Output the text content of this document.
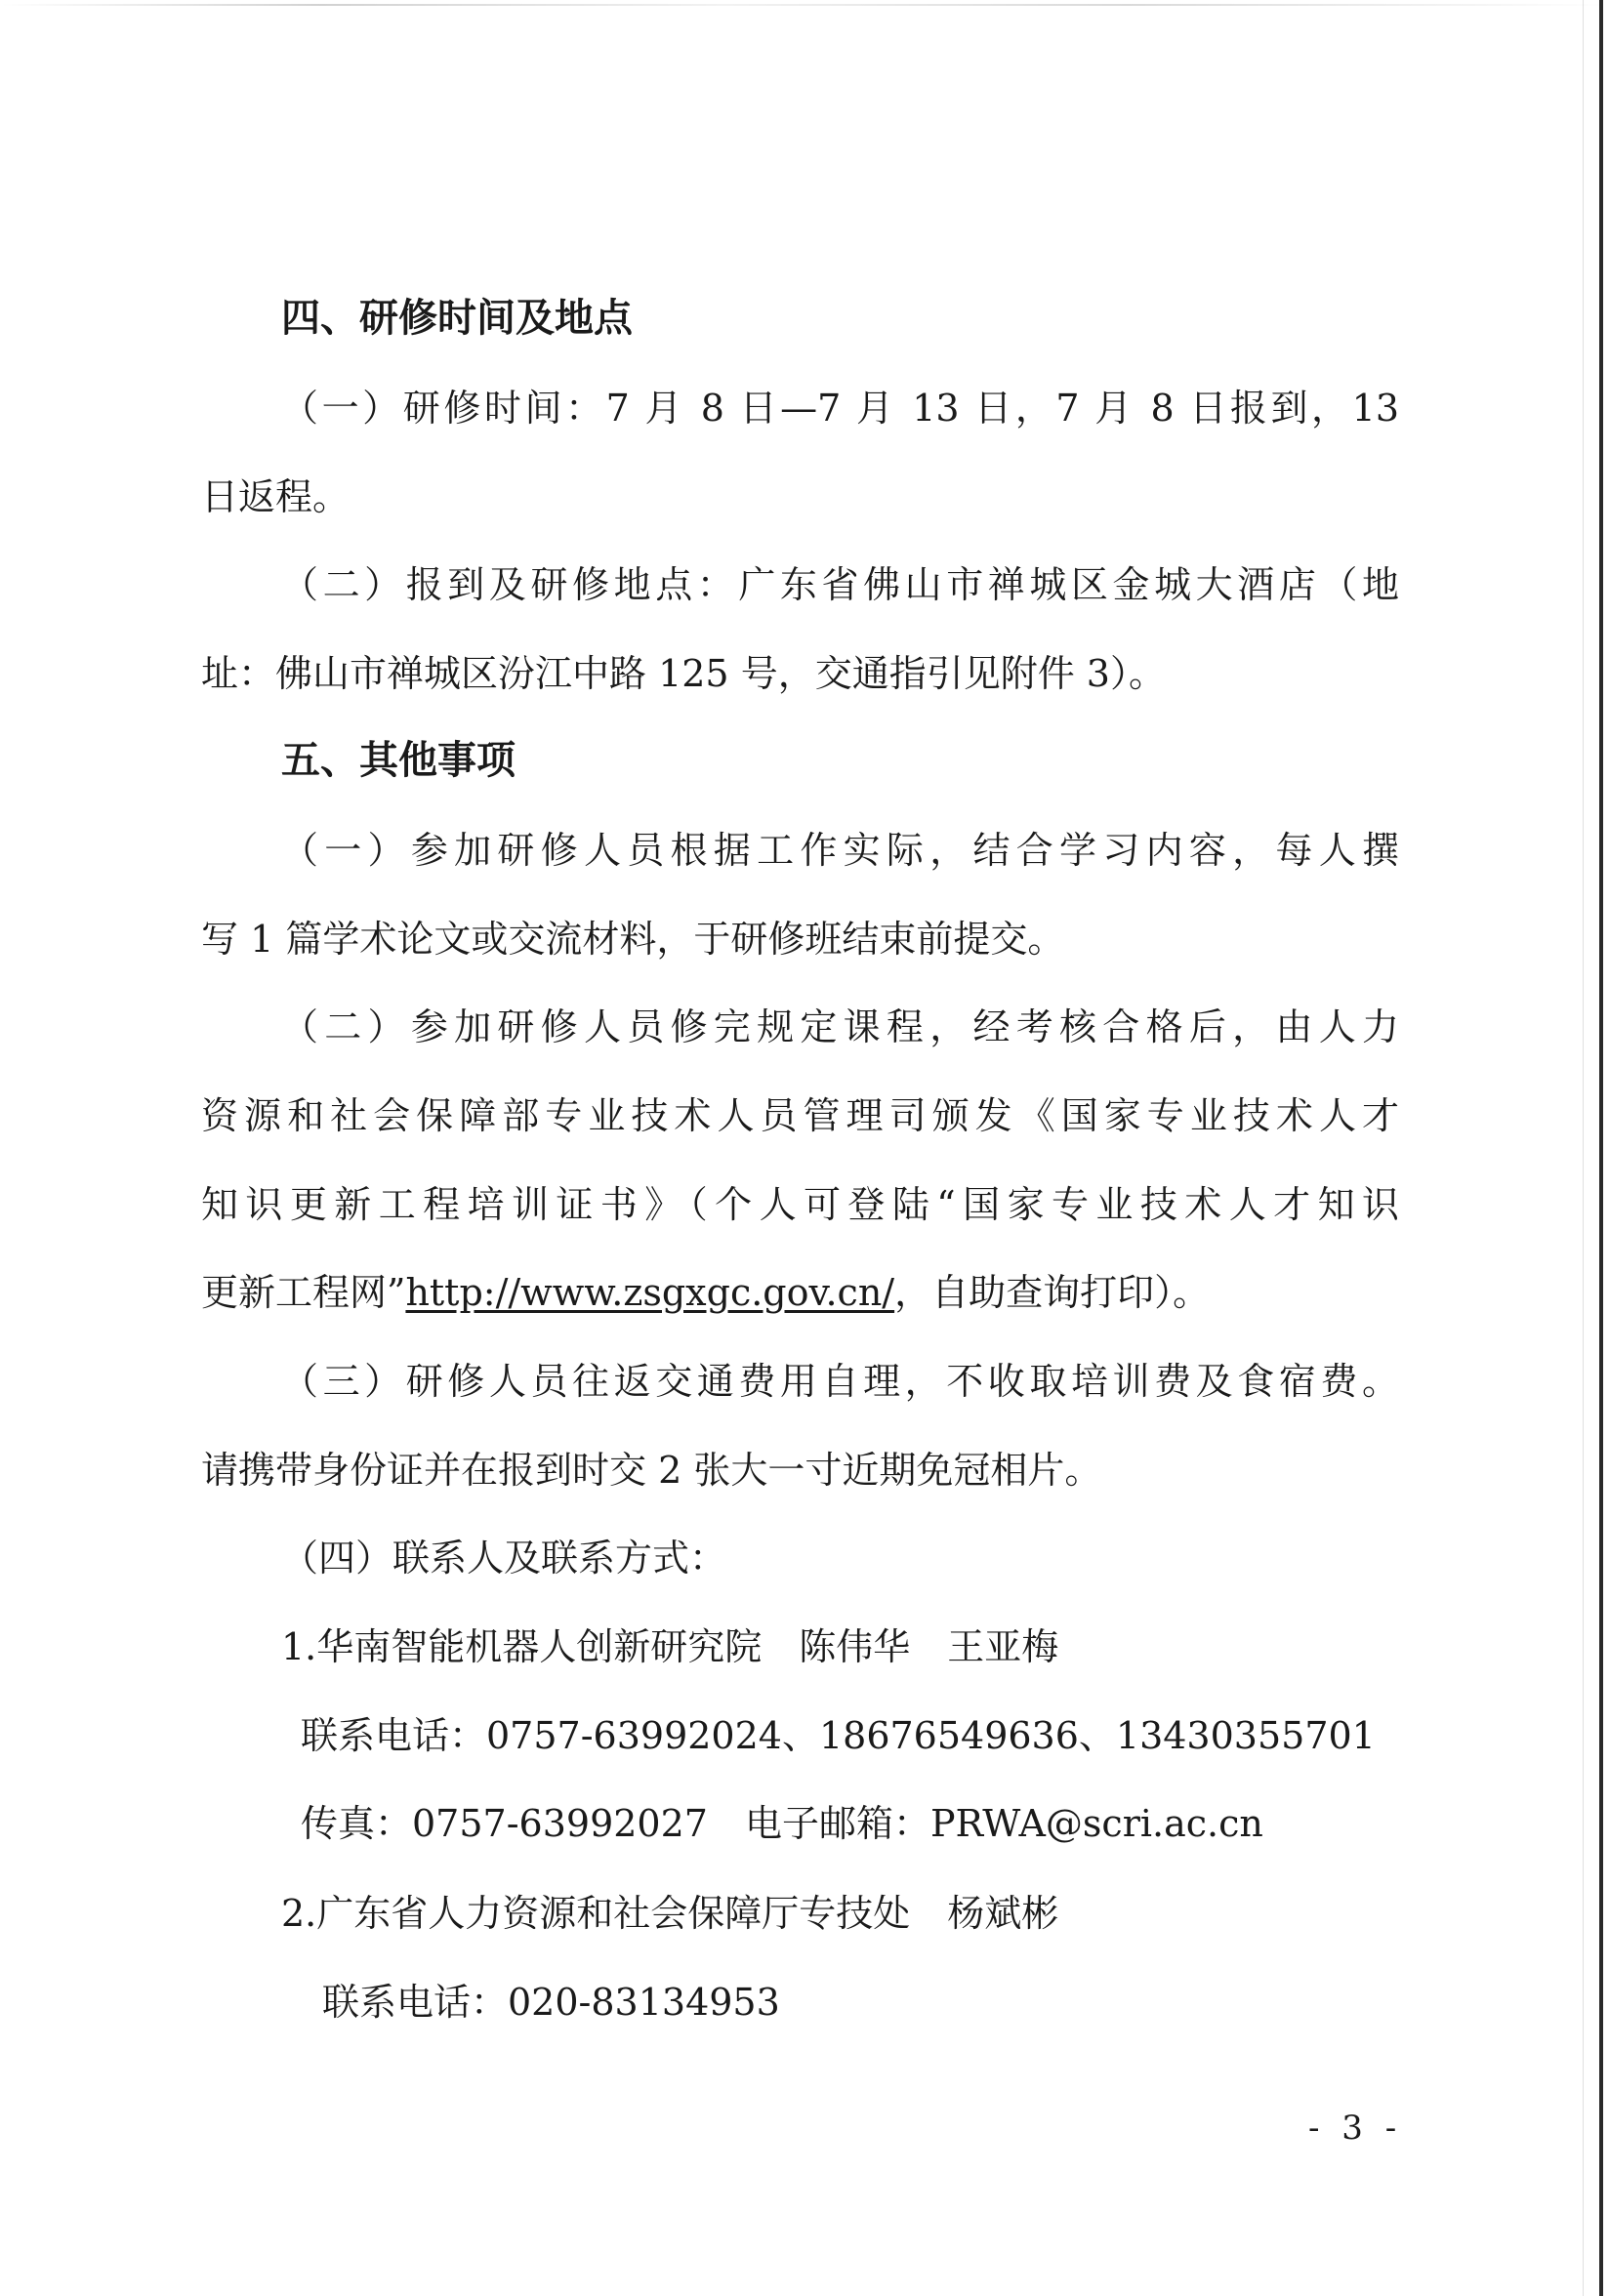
四、研修时间及地点
（一）研修时间：7 月 8 日—7 月 13 日，7 月 8 日报到，13
日返程。
（二）报到及研修地点：广东省佛山市禅城区金城大酒店（地
址：佛山市禅城区汾江中路 125 号，交通指引见附件 3）。
五、其他事项
（一）参加研修人员根据工作实际，结合学习内容，每人撰
写 1 篇学术论文或交流材料，于研修班结束前提交。
（二）参加研修人员修完规定课程，经考核合格后，由人力
资源和社会保障部专业技术人员管理司颁发《国家专业技术人才
知识更新工程培训证书》（个人可登陆“国家专业技术人才知识
更新工程网”http://www.zsgxgc.gov.cn/，自助查询打印）。
（三）研修人员往返交通费用自理，不收取培训费及食宿费。
请携带身份证并在报到时交 2 张大一寸近期免冠相片。
（四）联系人及联系方式：
1.华南智能机器人创新研究院　陈伟华　王亚梅
联系电话：0757-63992024、18676549636、13430355701
传真：0757-63992027　电子邮箱：PRWA@scri.ac.cn
2.广东省人力资源和社会保障厅专技处　杨斌彬
联系电话：020-83134953
- 3 -
